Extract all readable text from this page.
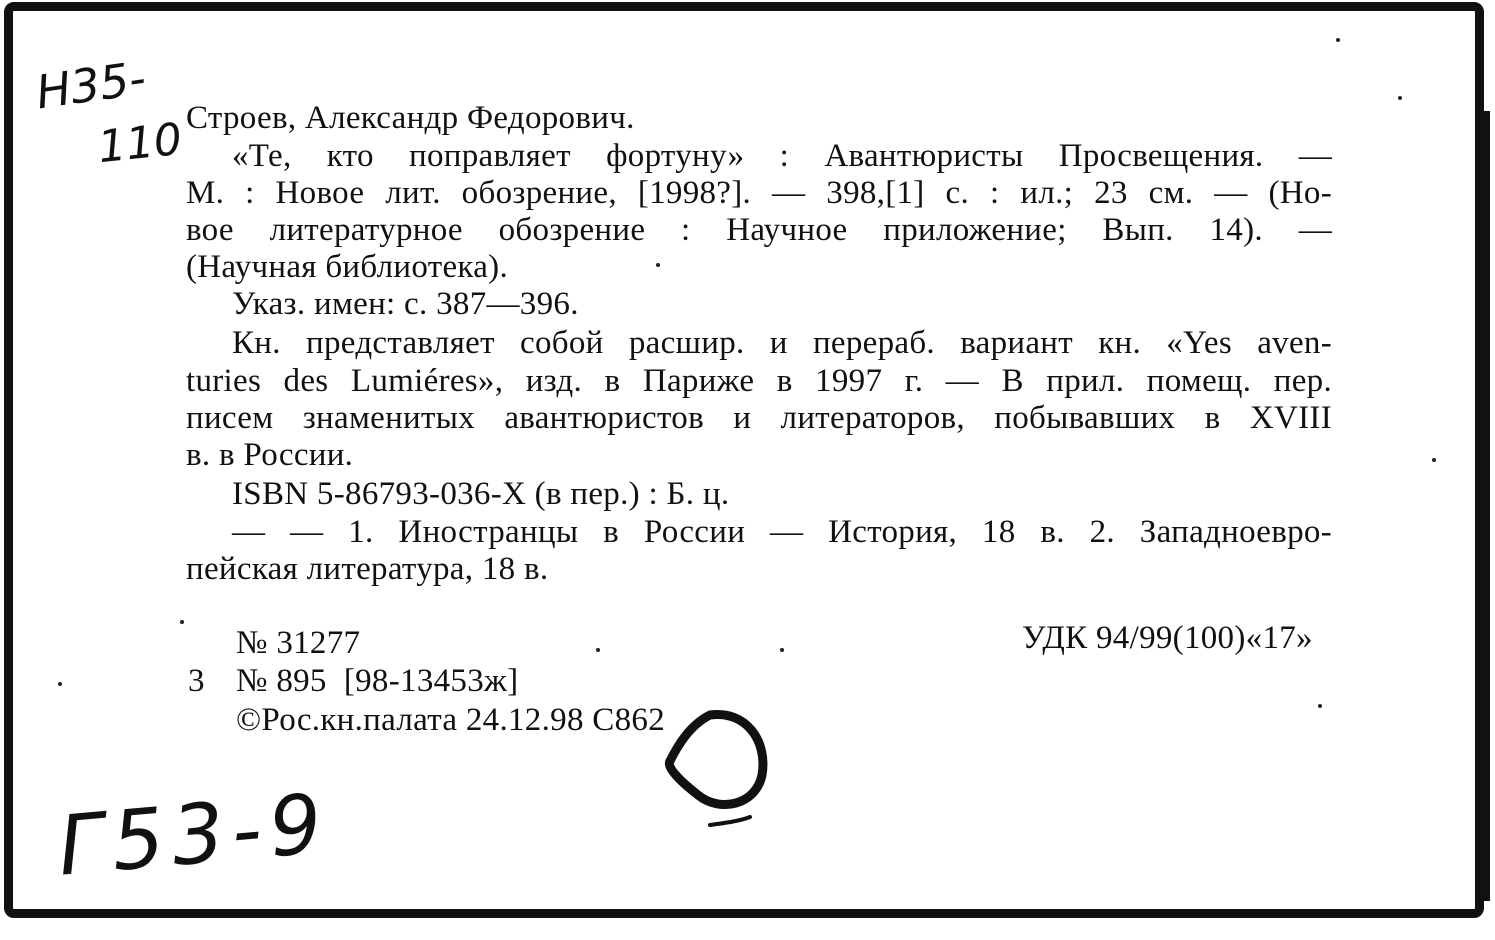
Н35-
110
Г53-9
Строев, Александр Федорович.
«Те, кто поправляет фортуну» : Авантюристы Просвещения. —
М. : Новое лит. обозрение, [1998?]. — 398,[1] с. : ил.; 23 см. — (Но-
вое литературное обозрение : Научное приложение; Вып. 14). —
(Научная библиотека).
Указ. имен: с. 387—396.
Кн. представляет собой расшир. и перераб. вариант кн. «Yes aven-
turies des Lumiéres», изд. в Париже в 1997 г. — В прил. помещ. пер.
писем знаменитых авантюристов и литераторов, побывавших в XVIII
в. в России.
ISBN 5-86793-036-X (в пер.) : Б. ц.
— — 1. Иностранцы в России — История, 18 в. 2. Западноевро-
пейская литература, 18 в.
№ 31277	УДК 94/99(100)«17»
3 № 895  [98-13453ж]
©Рос.кн.палата 24.12.98 С862
